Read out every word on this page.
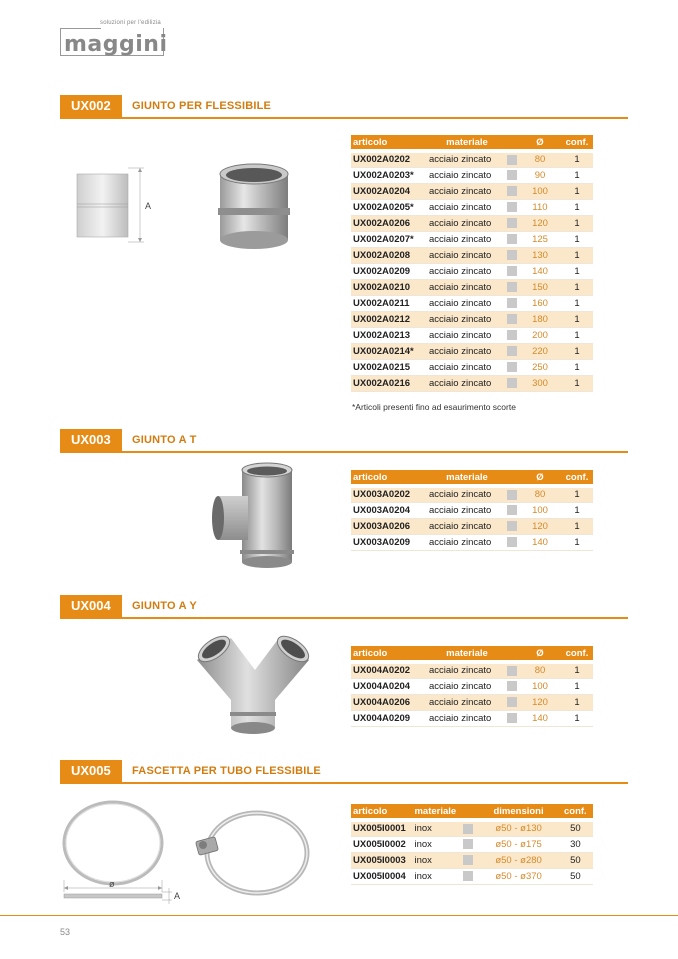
soluzioni per l'edilizia
maggini
UX002	GIUNTO PER FLESSIBILE
A
articolo	materiale		Ø	conf.
UX002A0202	acciaio zincato		80	1
UX002A0203*	acciaio zincato		90	1
UX002A0204	acciaio zincato		100	1
UX002A0205*	acciaio zincato		110	1
UX002A0206	acciaio zincato		120	1
UX002A0207*	acciaio zincato		125	1
UX002A0208	acciaio zincato		130	1
UX002A0209	acciaio zincato		140	1
UX002A0210	acciaio zincato		150	1
UX002A0211	acciaio zincato		160	1
UX002A0212	acciaio zincato		180	1
UX002A0213	acciaio zincato		200	1
UX002A0214*	acciaio zincato		220	1
UX002A0215	acciaio zincato		250	1
UX002A0216	acciaio zincato		300	1
*Articoli presenti fino ad esaurimento scorte
UX003	GIUNTO A T
articolo	materiale		Ø	conf.
UX003A0202	acciaio zincato		80	1
UX003A0204	acciaio zincato		100	1
UX003A0206	acciaio zincato		120	1
UX003A0209	acciaio zincato		140	1
UX004	GIUNTO A Y
articolo	materiale		Ø	conf.
UX004A0202	acciaio zincato		80	1
UX004A0204	acciaio zincato		100	1
UX004A0206	acciaio zincato		120	1
UX004A0209	acciaio zincato		140	1
UX005	FASCETTA PER TUBO FLESSIBILE
ø
A
articolo	materiale		dimensioni	conf.
UX005I0001	inox		ø50 - ø130	50
UX005I0002	inox		ø50 - ø175	30
UX005I0003	inox		ø50 - ø280	50
UX005I0004	inox		ø50 - ø370	50
53
